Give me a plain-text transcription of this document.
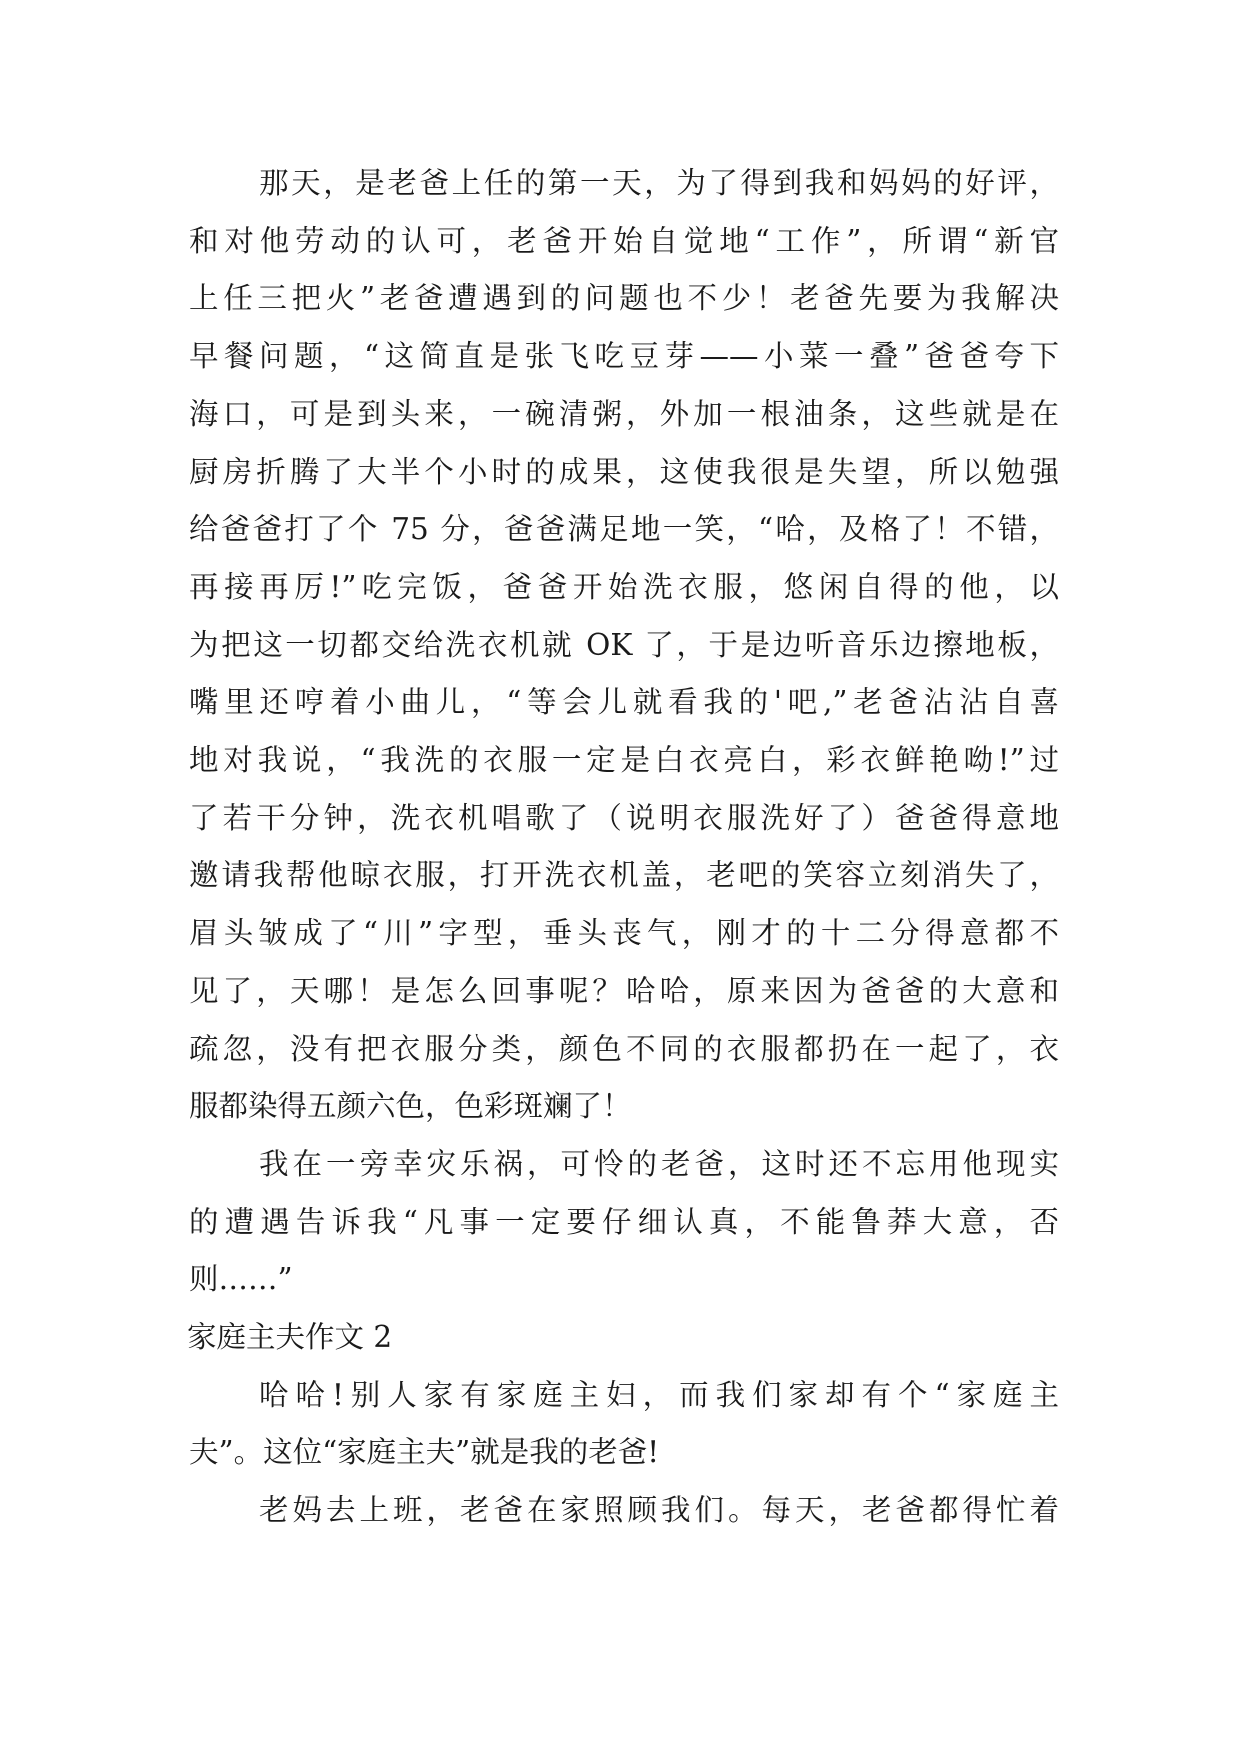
那天，是老爸上任的第一天，为了得到我和妈妈的好评，
和对他劳动的认可，老爸开始自觉地“工作”，所谓“新官
上任三把火”老爸遭遇到的问题也不少！老爸先要为我解决
早餐问题，“这简直是张飞吃豆芽——小菜一叠”爸爸夸下
海口，可是到头来，一碗清粥，外加一根油条，这些就是在
厨房折腾了大半个小时的成果，这使我很是失望，所以勉强
给爸爸打了个 75 分，爸爸满足地一笑，“哈，及格了！不错，
再接再厉!”吃完饭，爸爸开始洗衣服，悠闲自得的他，以
为把这一切都交给洗衣机就 OK 了，于是边听音乐边擦地板，
嘴里还哼着小曲儿，“等会儿就看我的'吧,”老爸沾沾自喜
地对我说，“我洗的衣服一定是白衣亮白，彩衣鲜艳呦!”过
了若干分钟，洗衣机唱歌了（说明衣服洗好了）爸爸得意地
邀请我帮他晾衣服，打开洗衣机盖，老吧的笑容立刻消失了，
眉头皱成了“川”字型，垂头丧气，刚才的十二分得意都不
见了，天哪！是怎么回事呢？哈哈，原来因为爸爸的大意和
疏忽，没有把衣服分类，颜色不同的衣服都扔在一起了，衣
服都染得五颜六色，色彩斑斓了！
我在一旁幸灾乐祸，可怜的老爸，这时还不忘用他现实
的遭遇告诉我“凡事一定要仔细认真，不能鲁莽大意，否
则……”
家庭主夫作文 2
哈哈!别人家有家庭主妇，而我们家却有个“家庭主
夫”。这位“家庭主夫”就是我的老爸!
老妈去上班，老爸在家照顾我们。每天，老爸都得忙着
